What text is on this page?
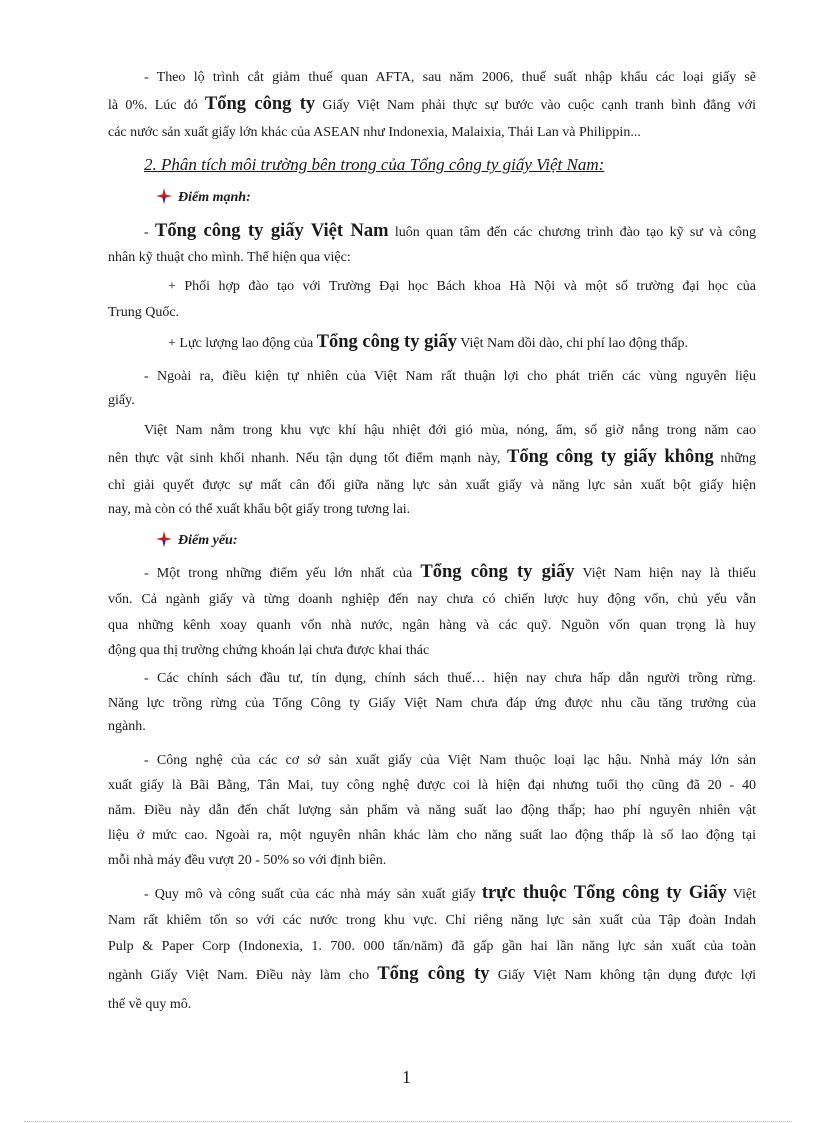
- Theo lộ trình cắt giảm thuế quan AFTA, sau năm 2006, thuế suất nhập khẩu các loại giấy sẽ
là 0%. Lúc đó Tổng công ty Giấy Việt Nam phải thực sự bước vào cuộc cạnh tranh bình đẳng với
các nước sản xuất giấy lớn khác của ASEAN như Indonexia, Malaixia, Thái Lan và Philippin...
2. Phân tích môi trường bên trong của Tổng công ty giấy Việt Nam:
Điểm mạnh:
- Tổng công ty giấy Việt Nam luôn quan tâm đến các chương trình đào tạo kỹ sư và công
nhân kỹ thuật cho mình. Thể hiện qua việc:
+ Phối hợp đào tạo với Trường Đại học Bách khoa Hà Nội và một số trường đại học của
Trung Quốc.
+ Lực lượng lao động của Tổng công ty giấy Việt Nam dồi dào, chi phí lao động thấp.
- Ngoài ra, điều kiện tự nhiên của Việt Nam rất thuận lợi cho phát triển các vùng nguyên liệu
giấy.
Việt Nam nằm trong khu vực khí hậu nhiệt đới gió mùa, nóng, ẩm, số giờ nắng trong năm cao
nên thực vật sinh khối nhanh. Nếu tận dụng tốt điểm mạnh này, Tổng công ty giấy không những
chỉ giải quyết được sự mất cân đối giữa năng lực sản xuất giấy và năng lực sản xuất bột giấy hiện
nay, mà còn có thể xuất khẩu bột giấy trong tương lai.
Điểm yếu:
- Một trong những điểm yếu lớn nhất của Tổng công ty giấy Việt Nam hiện nay là thiếu
vốn. Cả ngành giấy và từng doanh nghiệp đến nay chưa có chiến lược huy động vốn, chủ yếu vẫn
qua những kênh xoay quanh vốn nhà nước, ngân hàng và các quỹ. Nguồn vốn quan trọng là huy
động qua thị trường chứng khoán lại chưa được khai thác
- Các chính sách đầu tư, tín dụng, chính sách thuế… hiện nay chưa hấp dẫn người trồng rừng.
Năng lực trồng rừng của Tổng Công ty Giấy Việt Nam chưa đáp ứng được nhu cầu tăng trưởng của
ngành.
- Công nghệ của các cơ sở sản xuất giấy của Việt Nam thuộc loại lạc hậu. Nnhà máy lớn sản
xuất giấy là Bãi Bằng, Tân Mai, tuy công nghệ được coi là hiện đại nhưng tuổi thọ cũng đã 20 - 40
năm. Điều này dẫn đến chất lượng sản phẩm và năng suất lao động thấp; hao phí nguyên nhiên vật
liệu ở mức cao. Ngoài ra, một nguyên nhân khác làm cho năng suất lao động thấp là số lao động tại
mỗi nhà máy đều vượt 20 - 50% so với định biên.
- Quy mô và công suất của các nhà máy sản xuất giấy trực thuộc Tổng công ty Giấy Việt
Nam rất khiêm tốn so với các nước trong khu vực. Chỉ riêng năng lực sản xuất của Tập đoàn Indah
Pulp & Paper Corp (Indonexia, 1. 700. 000 tấn/năm) đã gấp gần hai lần năng lực sản xuất của toàn
ngành Giấy Việt Nam. Điều này làm cho Tổng công ty Giấy Việt Nam không tận dụng được lợi
thế về quy mô.
1
